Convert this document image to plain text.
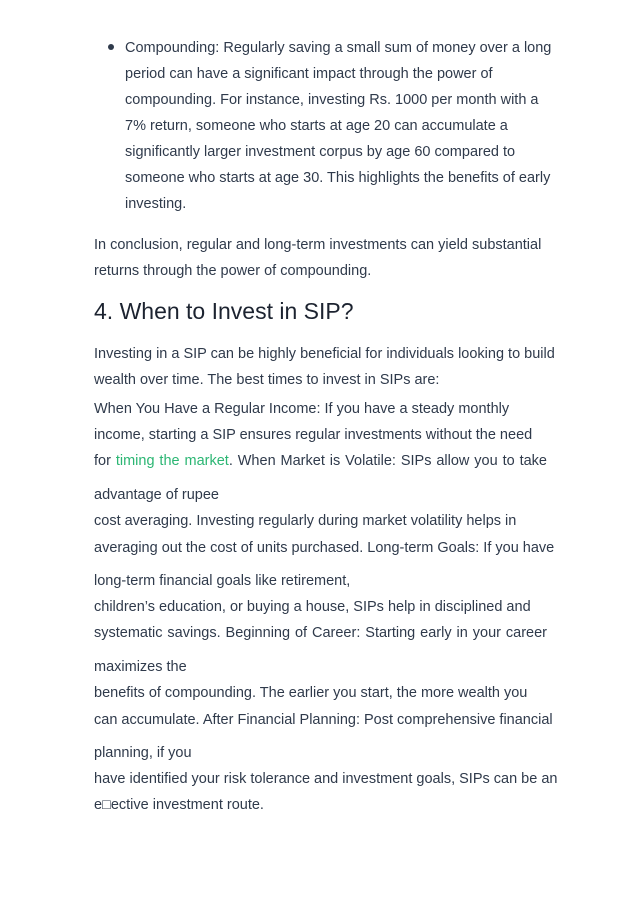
Compounding: Regularly saving a small sum of money over a long

period can have a significant impact through the power of

compounding. For instance, investing Rs. 1000 per month with a

7% return, someone who starts at age 20 can accumulate a

significantly larger investment corpus by age 60 compared to

someone who starts at age 30. This highlights the benefits of early

investing.

In conclusion, regular and long-term investments can yield substantial

returns through the power of compounding.

4. When to Invest in SIP?

Investing in a SIP can be highly beneficial for individuals looking to build

wealth over time. The best times to invest in SIPs are:

When You Have a Regular Income: If you have a steady monthly

income, starting a SIP ensures regular investments without the need

for timing the market. When Market is Volatile: SIPs allow you to take

advantage of rupee

cost averaging. Investing regularly during market volatility helps in

averaging out the cost of units purchased. Long-term Goals: If you have

long-term financial goals like retirement,

children’s education, or buying a house, SIPs help in disciplined and

systematic savings. Beginning of Career: Starting early in your career

maximizes the

benefits of compounding. The earlier you start, the more wealth you

can accumulate. After Financial Planning: Post comprehensive financial

planning, if you

have identified your risk tolerance and investment goals, SIPs can be an

e□ective investment route.
